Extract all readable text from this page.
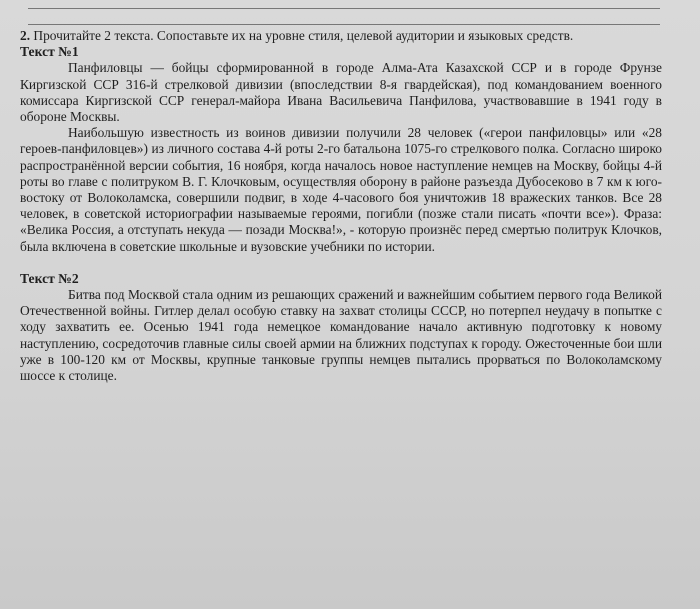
2. Прочитайте 2 текста. Сопоставьте их на уровне стиля, целевой аудитории и языковых средств.

Текст №1

Панфиловцы — бойцы сформированной в городе Алма-Ата Казахской ССР и в городе Фрунзе Киргизской ССР 316-й стрелковой дивизии (впоследствии 8-я гвардейская), под командованием военного комиссара Киргизской ССР генерал-майора Ивана Васильевича Панфилова, участвовавшие в 1941 году в обороне Москвы.

Наибольшую известность из воинов дивизии получили 28 человек («герои панфиловцы» или «28 героев-панфиловцев») из личного состава 4-й роты 2-го батальона 1075-го стрелкового полка. Согласно широко распространённой версии события, 16 ноября, когда началось новое наступление немцев на Москву, бойцы 4-й роты во главе с политруком В. Г. Клочковым, осуществляя оборону в районе разъезда Дубосеково в 7 км к юго-востоку от Волоколамска, совершили подвиг, в ходе 4-часового боя уничтожив 18 вражеских танков. Все 28 человек, в советской историографии называемые героями, погибли (позже стали писать «почти все»). Фраза: «Велика Россия, а отступать некуда — позади Москва!», - которую произнёс перед смертью политрук Клочков, была включена в советские школьные и вузовские учебники по истории.

Текст №2

Битва под Москвой стала одним из решающих сражений и важнейшим событием первого года Великой Отечественной войны. Гитлер делал особую ставку на захват столицы СССР, но потерпел неудачу в попытке с ходу захватить ее. Осенью 1941 года немецкое командование начало активную подготовку к новому наступлению, сосредоточив главные силы своей армии на ближних подступах к городу. Ожесточенные бои шли уже в 100-120 км от Москвы, крупные танковые группы немцев пытались прорваться по Волоколамскому шоссе к столице.
